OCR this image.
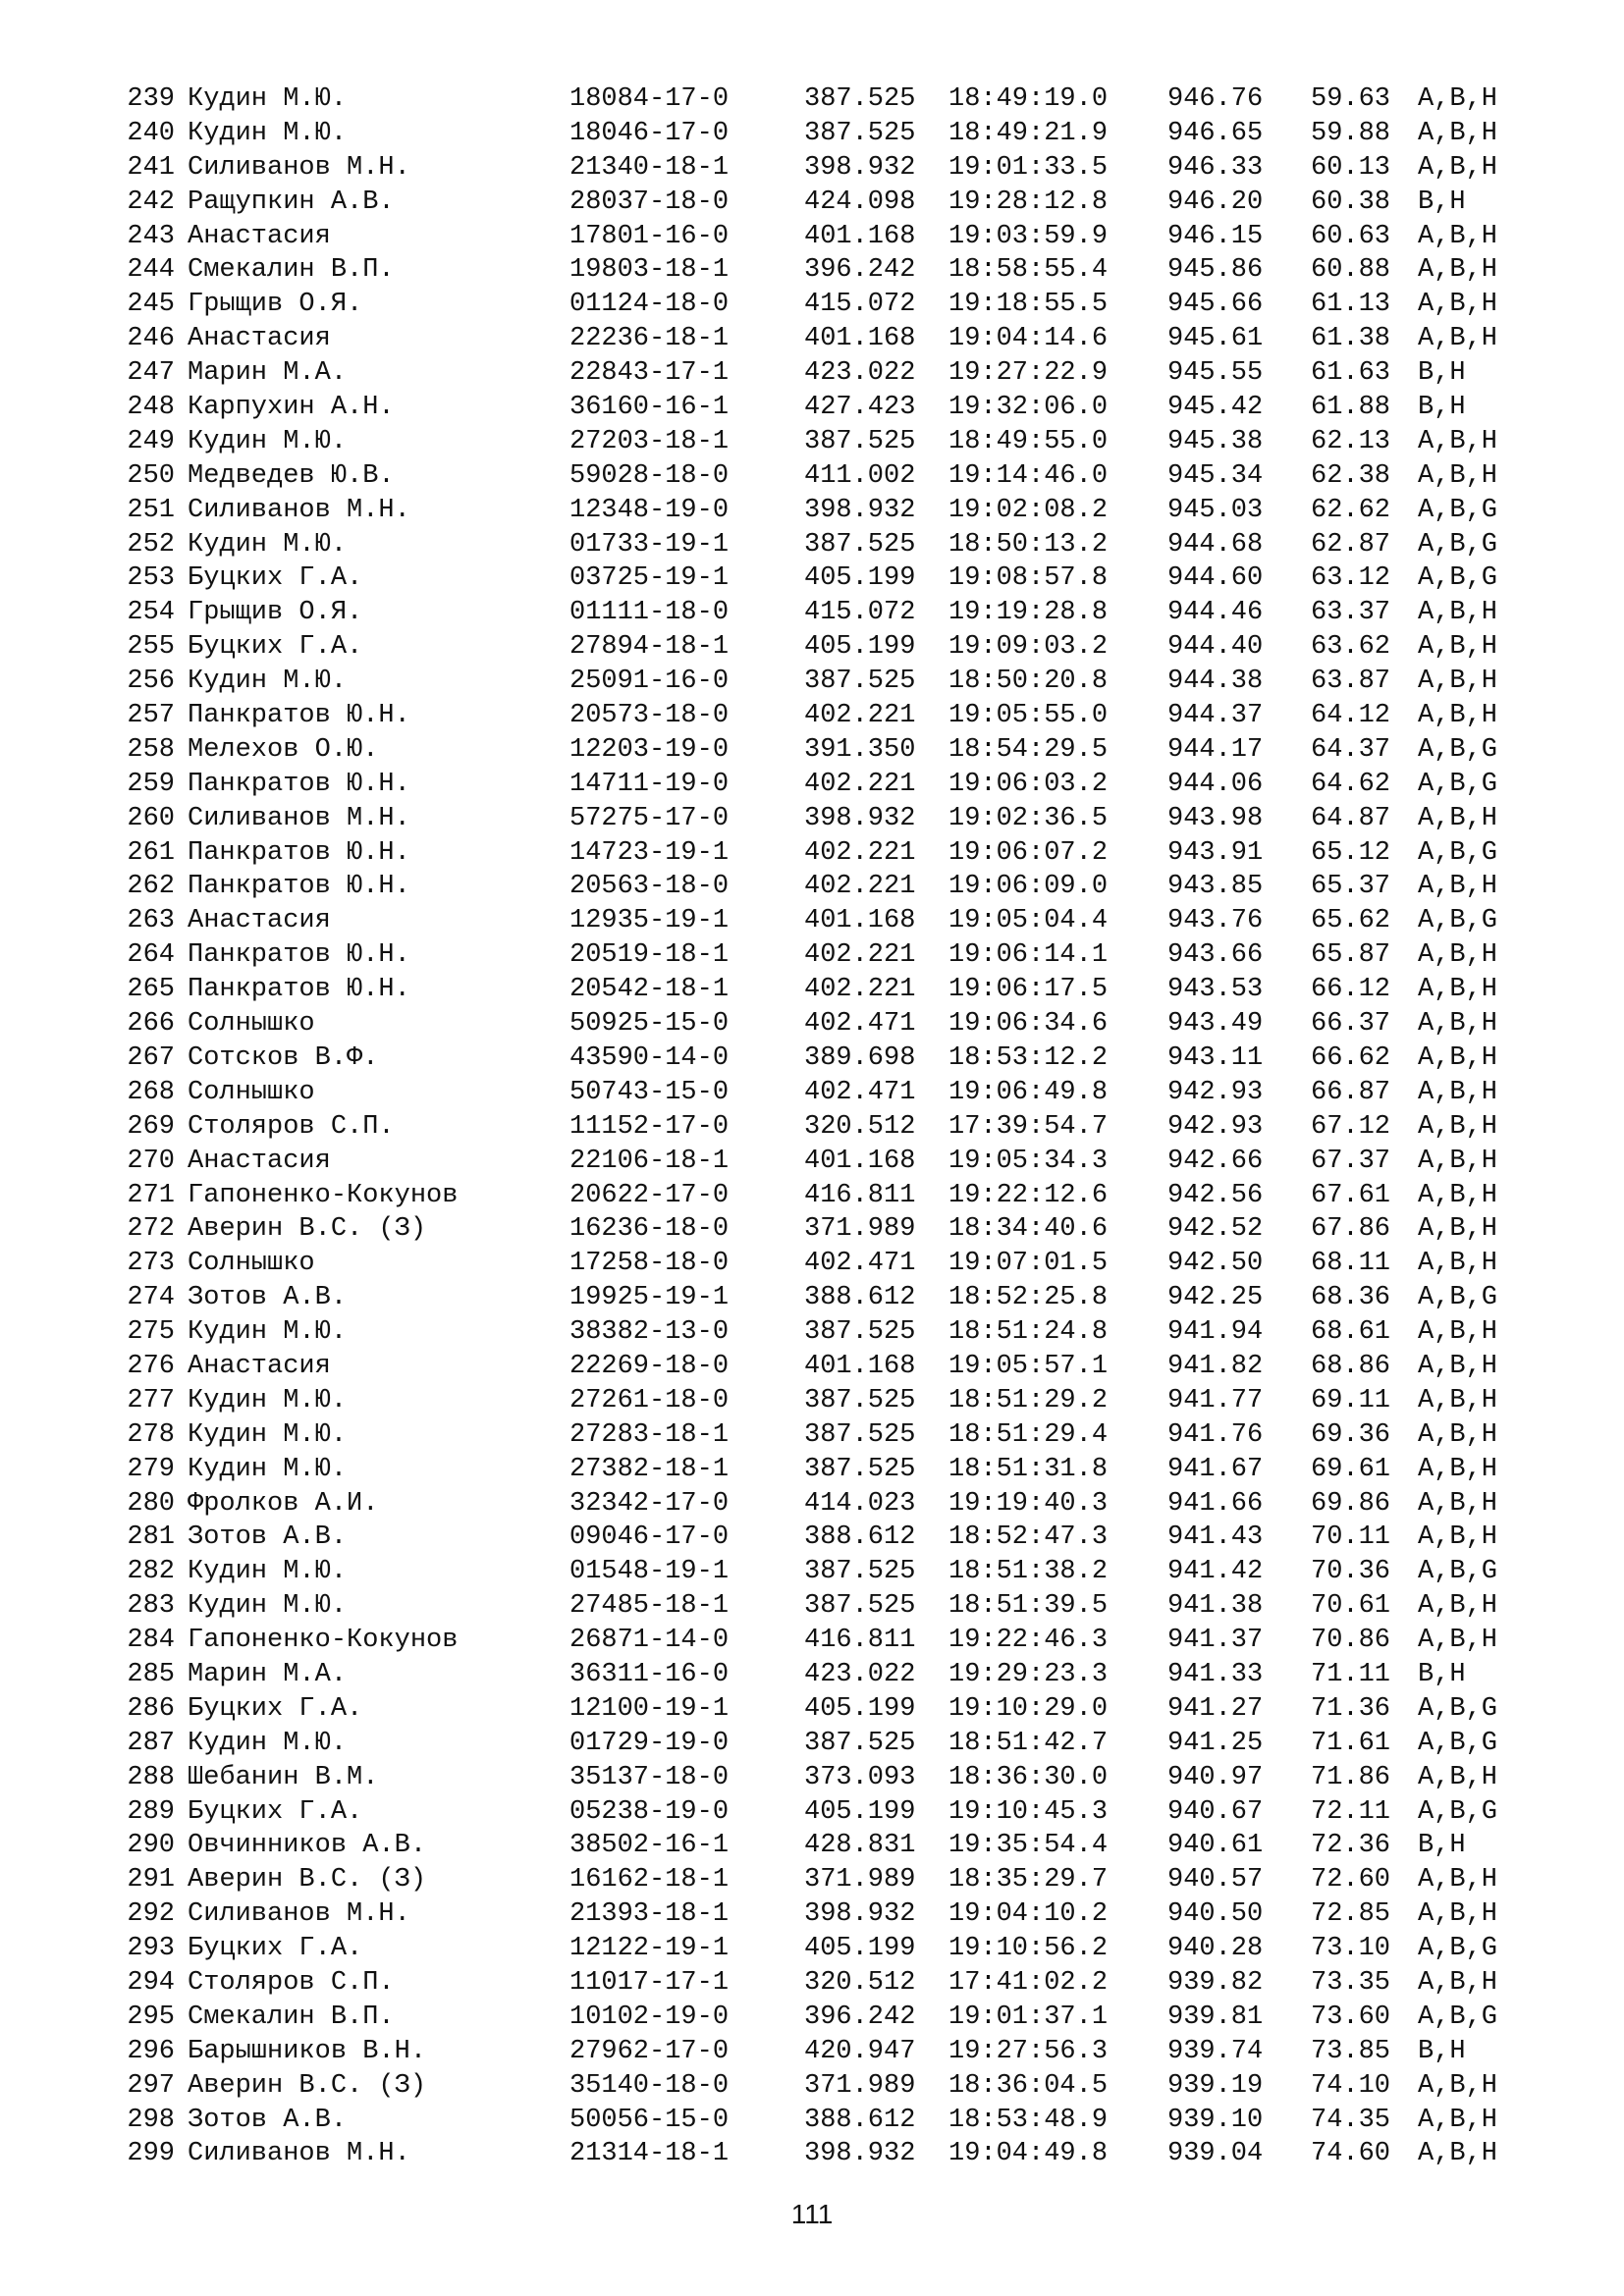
239 Кудин М.Ю.	18084-17-0	387.525 18:49:19.0 946.76 59.63 A,B,H
240 Кудин М.Ю.	18046-17-0	387.525 18:49:21.9 946.65 59.88 A,B,H
241 Силиванов М.Н.	21340-18-1	398.932 19:01:33.5 946.33 60.13 A,B,H
242 Ращупкин А.В.	28037-18-0	424.098 19:28:12.8 946.20 60.38 B,H
243 Анастасия	17801-16-0	401.168 19:03:59.9 946.15 60.63 A,B,H
244 Смекалин В.П.	19803-18-1	396.242 18:58:55.4 945.86 60.88 A,B,H
245 Грыщив О.Я.	01124-18-0	415.072 19:18:55.5 945.66 61.13 A,B,H
246 Анастасия	22236-18-1	401.168 19:04:14.6 945.61 61.38 A,B,H
247 Марин М.А.	22843-17-1	423.022 19:27:22.9 945.55 61.63 B,H
248 Карпухин А.Н.	36160-16-1	427.423 19:32:06.0 945.42 61.88 B,H
249 Кудин М.Ю.	27203-18-1	387.525 18:49:55.0 945.38 62.13 A,B,H
250 Медведев Ю.В.	59028-18-0	411.002 19:14:46.0 945.34 62.38 A,B,H
251 Силиванов М.Н.	12348-19-0	398.932 19:02:08.2 945.03 62.62 A,B,G
252 Кудин М.Ю.	01733-19-1	387.525 18:50:13.2 944.68 62.87 A,B,G
253 Буцких Г.А.	03725-19-1	405.199 19:08:57.8 944.60 63.12 A,B,G
254 Грыщив О.Я.	01111-18-0	415.072 19:19:28.8 944.46 63.37 A,B,H
255 Буцких Г.А.	27894-18-1	405.199 19:09:03.2 944.40 63.62 A,B,H
256 Кудин М.Ю.	25091-16-0	387.525 18:50:20.8 944.38 63.87 A,B,H
257 Панкратов Ю.Н.	20573-18-0	402.221 19:05:55.0 944.37 64.12 A,B,H
258 Мелехов О.Ю.	12203-19-0	391.350 18:54:29.5 944.17 64.37 A,B,G
259 Панкратов Ю.Н.	14711-19-0	402.221 19:06:03.2 944.06 64.62 A,B,G
260 Силиванов М.Н.	57275-17-0	398.932 19:02:36.5 943.98 64.87 A,B,H
261 Панкратов Ю.Н.	14723-19-1	402.221 19:06:07.2 943.91 65.12 A,B,G
262 Панкратов Ю.Н.	20563-18-0	402.221 19:06:09.0 943.85 65.37 A,B,H
263 Анастасия	12935-19-1	401.168 19:05:04.4 943.76 65.62 A,B,G
264 Панкратов Ю.Н.	20519-18-1	402.221 19:06:14.1 943.66 65.87 A,B,H
265 Панкратов Ю.Н.	20542-18-1	402.221 19:06:17.5 943.53 66.12 A,B,H
266 Солнышко	50925-15-0	402.471 19:06:34.6 943.49 66.37 A,B,H
267 Сотсков В.Ф.	43590-14-0	389.698 18:53:12.2 943.11 66.62 A,B,H
268 Солнышко	50743-15-0	402.471 19:06:49.8 942.93 66.87 A,B,H
269 Столяров С.П.	11152-17-0	320.512 17:39:54.7 942.93 67.12 A,B,H
270 Анастасия	22106-18-1	401.168 19:05:34.3 942.66 67.37 A,B,H
271 Гапоненко-Кокунов	20622-17-0	416.811 19:22:12.6 942.56 67.61 A,B,H
272 Аверин В.С. (З)	16236-18-0	371.989 18:34:40.6 942.52 67.86 A,B,H
273 Солнышко	17258-18-0	402.471 19:07:01.5 942.50 68.11 A,B,H
274 Зотов А.В.	19925-19-1	388.612 18:52:25.8 942.25 68.36 A,B,G
275 Кудин М.Ю.	38382-13-0	387.525 18:51:24.8 941.94 68.61 A,B,H
276 Анастасия	22269-18-0	401.168 19:05:57.1 941.82 68.86 A,B,H
277 Кудин М.Ю.	27261-18-0	387.525 18:51:29.2 941.77 69.11 A,B,H
278 Кудин М.Ю.	27283-18-1	387.525 18:51:29.4 941.76 69.36 A,B,H
279 Кудин М.Ю.	27382-18-1	387.525 18:51:31.8 941.67 69.61 A,B,H
280 Фролков А.И.	32342-17-0	414.023 19:19:40.3 941.66 69.86 A,B,H
281 Зотов А.В.	09046-17-0	388.612 18:52:47.3 941.43 70.11 A,B,H
282 Кудин М.Ю.	01548-19-1	387.525 18:51:38.2 941.42 70.36 A,B,G
283 Кудин М.Ю.	27485-18-1	387.525 18:51:39.5 941.38 70.61 A,B,H
284 Гапоненко-Кокунов	26871-14-0	416.811 19:22:46.3 941.37 70.86 A,B,H
285 Марин М.А.	36311-16-0	423.022 19:29:23.3 941.33 71.11 B,H
286 Буцких Г.А.	12100-19-1	405.199 19:10:29.0 941.27 71.36 A,B,G
287 Кудин М.Ю.	01729-19-0	387.525 18:51:42.7 941.25 71.61 A,B,G
288 Шебанин В.М.	35137-18-0	373.093 18:36:30.0 940.97 71.86 A,B,H
289 Буцких Г.А.	05238-19-0	405.199 19:10:45.3 940.67 72.11 A,B,G
290 Овчинников А.В.	38502-16-1	428.831 19:35:54.4 940.61 72.36 B,H
291 Аверин В.С. (З)	16162-18-1	371.989 18:35:29.7 940.57 72.60 A,B,H
292 Силиванов М.Н.	21393-18-1	398.932 19:04:10.2 940.50 72.85 A,B,H
293 Буцких Г.А.	12122-19-1	405.199 19:10:56.2 940.28 73.10 A,B,G
294 Столяров С.П.	11017-17-1	320.512 17:41:02.2 939.82 73.35 A,B,H
295 Смекалин В.П.	10102-19-0	396.242 19:01:37.1 939.81 73.60 A,B,G
296 Барышников В.Н.	27962-17-0	420.947 19:27:56.3 939.74 73.85 B,H
297 Аверин В.С. (З)	35140-18-0	371.989 18:36:04.5 939.19 74.10 A,B,H
298 Зотов А.В.	50056-15-0	388.612 18:53:48.9 939.10 74.35 A,B,H
299 Силиванов М.Н.	21314-18-1	398.932 19:04:49.8 939.04 74.60 A,B,H
111
